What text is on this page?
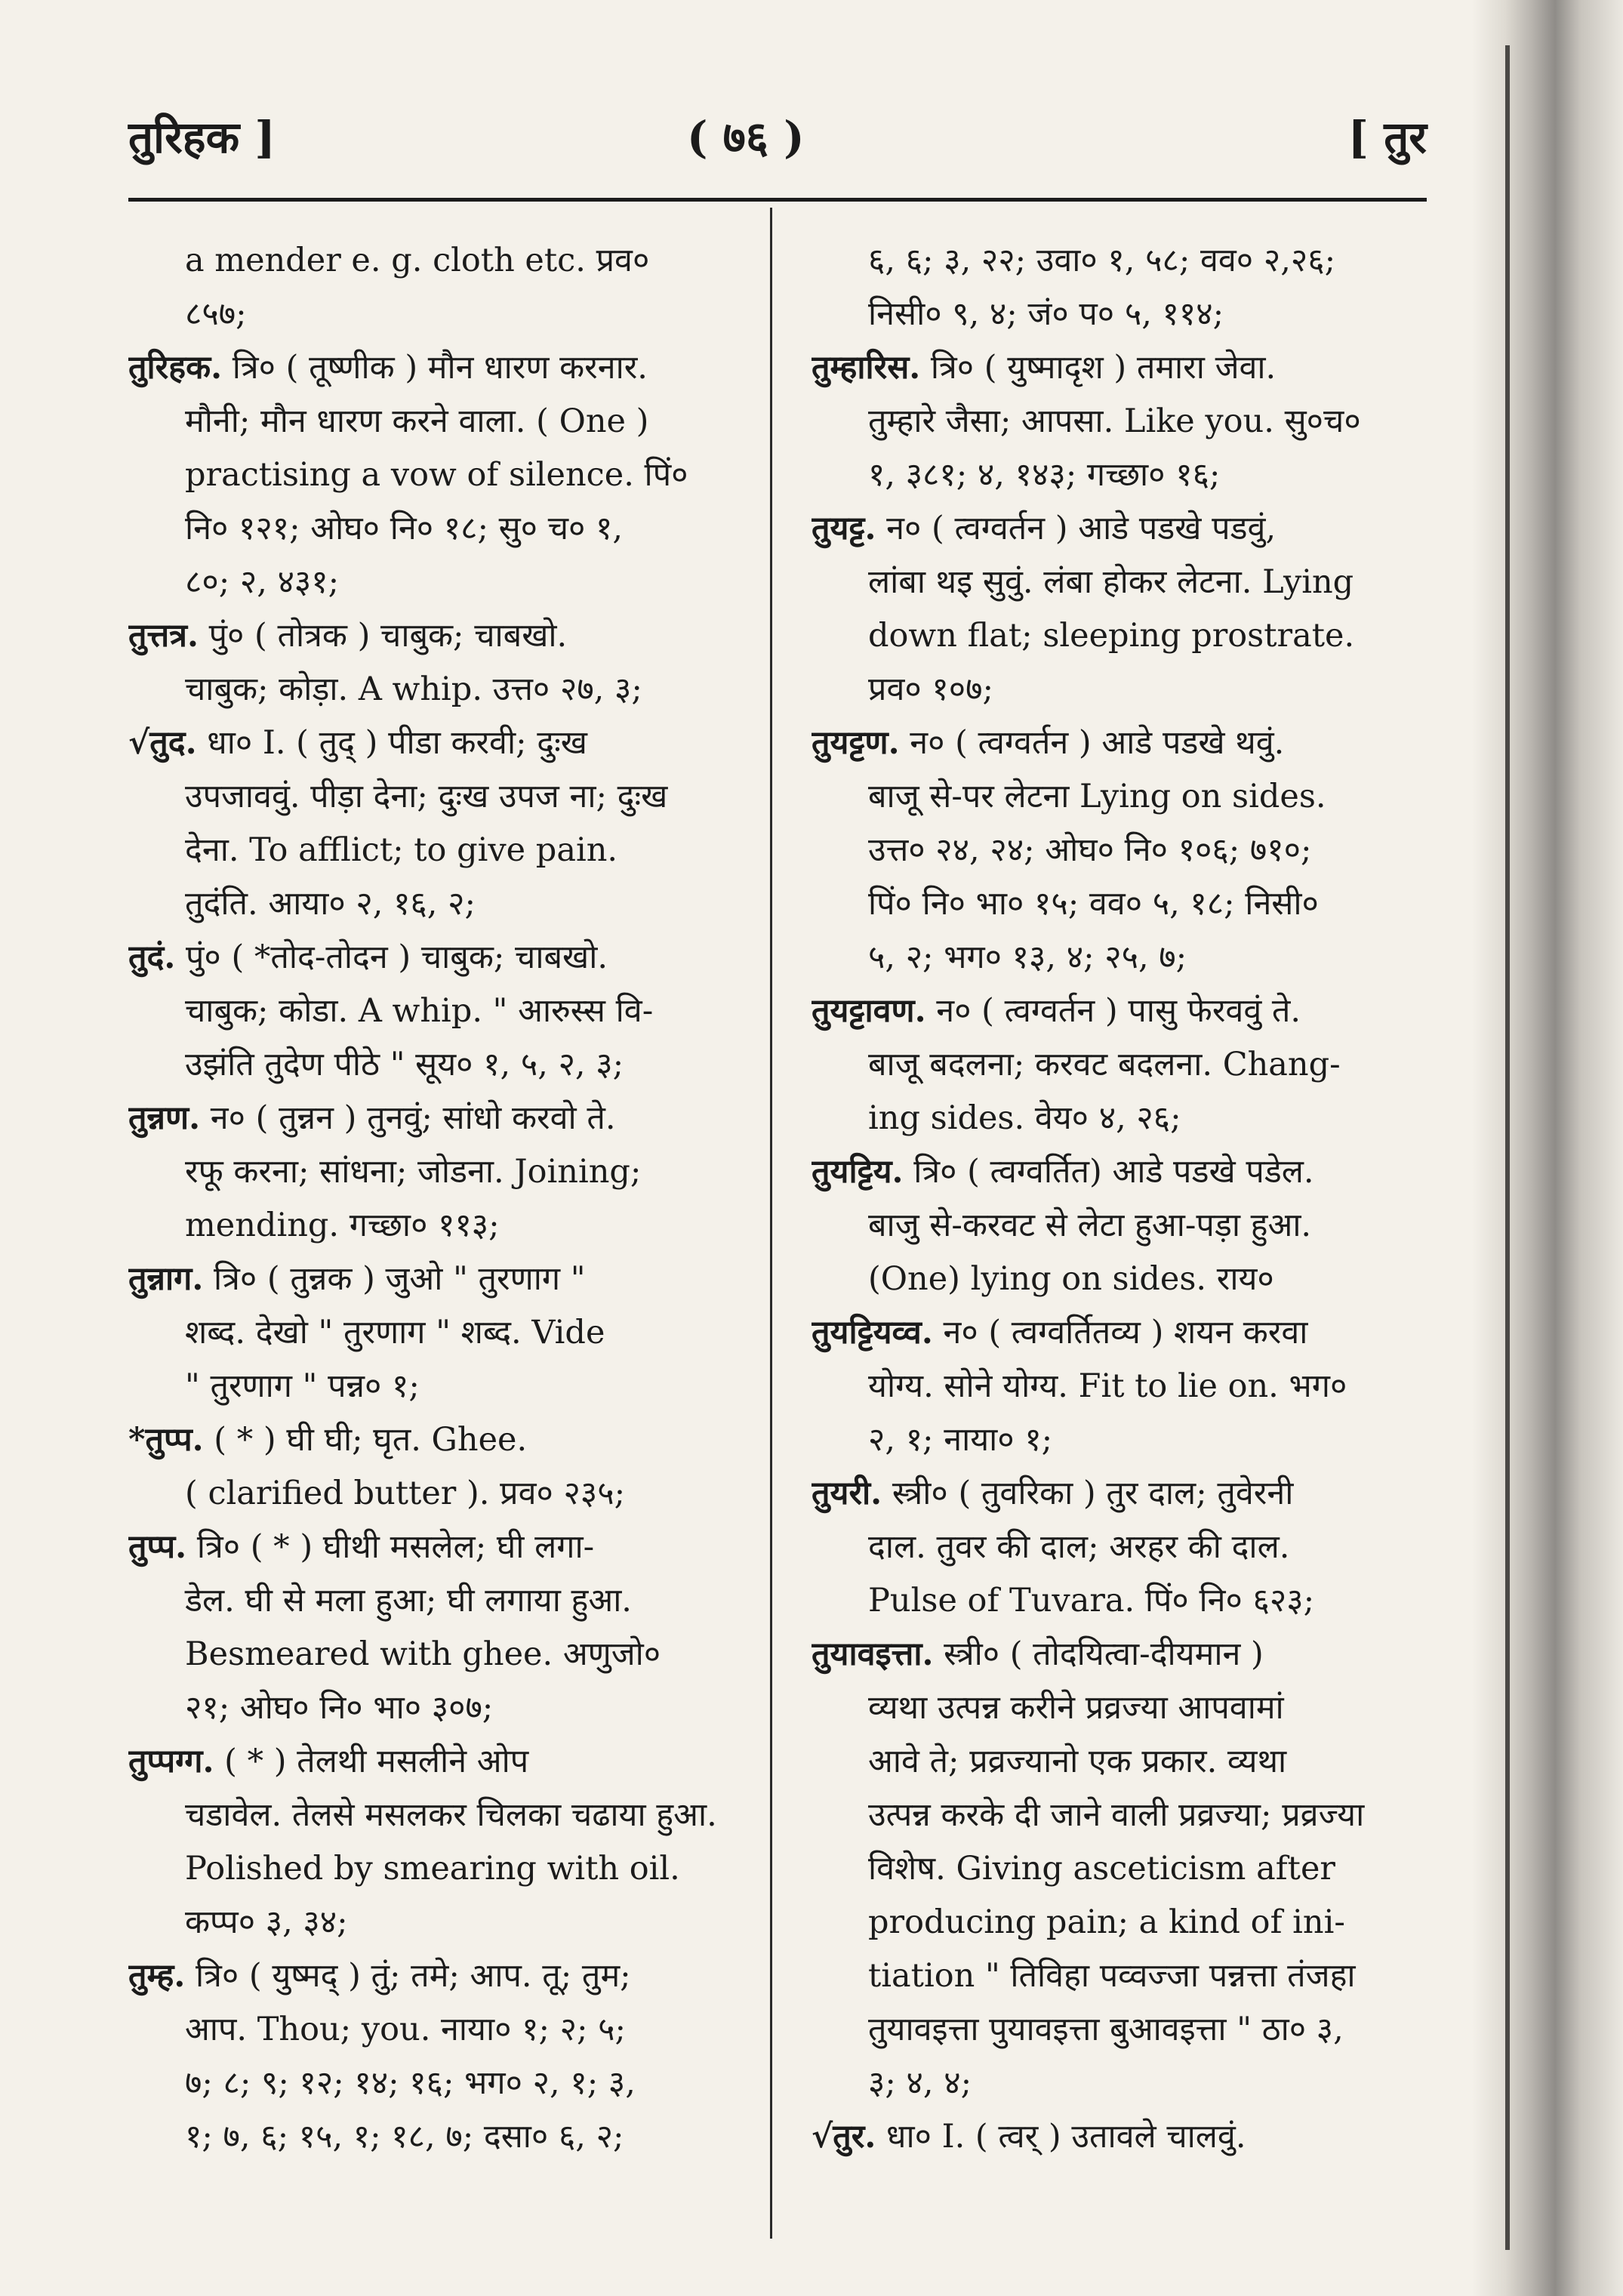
तुरिहक ]	( ७६ )	[ तुर
a mender e. g. cloth etc. प्रव०
८५७;
तुरिहक. त्रि० ( तूष्णीक ) मौन धारण करनार.
मौनी; मौन धारण करने वाला. ( One )
practising a vow of silence. पिं०
नि० १२१; ओघ० नि० १८; सु० च० १,
८०; २, ४३१;
तुत्तत्र. पुं० ( तोत्रक ) चाबुक; चाबखो.
चाबुक; कोड़ा. A whip. उत्त० २७, ३;
√तुद. धा० I. ( तुद् ) पीडा करवी; दुःख
उपजाववुं. पीड़ा देना; दुःख उपज ना; दुःख
देना. To afflict; to give pain.
तुदंति. आया० २, १६, २;
तुदं. पुं० ( *तोद-तोदन ) चाबुक; चाबखो.
चाबुक; कोडा. A whip. " आरुस्स वि-
उझंति तुदेण पीठे " सूय० १, ५, २, ३;
तुन्नण. न० ( तुन्नन ) तुनवुं; सांधो करवो ते.
रफू करना; सांधना; जोडना. Joining;
mending. गच्छा० ११३;
तुन्नाग. त्रि० ( तुन्नक ) जुओ " तुरणाग "
शब्द. देखो " तुरणाग " शब्द. Vide
" तुरणाग " पन्न० १;
*तुप्प. ( * ) घी घी; घृत. Ghee.
( clarified butter ). प्रव० २३५;
तुप्प. त्रि० ( * ) घीथी मसलेल; घी लगा-
डेल. घी से मला हुआ; घी लगाया हुआ.
Besmeared with ghee. अणुजो०
२१; ओघ० नि० भा० ३०७;
तुप्पग्ग. ( * ) तेलथी मसलीने ओप
चडावेल. तेलसे मसलकर चिलका चढाया हुआ.
Polished by smearing with oil.
कप्प० ३, ३४;
तुम्ह. त्रि० ( युष्मद् ) तुं; तमे; आप. तू; तुम;
आप. Thou; you. नाया० १; २; ५;
७; ८; ९; १२; १४; १६; भग० २, १; ३,
१; ७, ६; १५, १; १८, ७; दसा० ६, २;
६, ६; ३, २२; उवा० १, ५८; वव० २,२६;
निसी० ९, ४; जं० प० ५, ११४;
तुम्हारिस. त्रि० ( युष्मादृश ) तमारा जेवा.
तुम्हारे जैसा; आपसा. Like you. सु०च०
१, ३८१; ४, १४३; गच्छा० १६;
तुयट्ट. न० ( त्वग्वर्तन ) आडे पडखे पडवुं,
लांबा थइ सुवुं. लंबा होकर लेटना. Lying
down flat; sleeping prostrate.
प्रव० १०७;
तुयट्टण. न० ( त्वग्वर्तन ) आडे पडखे थवुं.
बाजू से-पर लेटना Lying on sides.
उत्त० २४, २४; ओघ० नि० १०६; ७१०;
पिं० नि० भा० १५; वव० ५, १८; निसी०
५, २; भग० १३, ४; २५, ७;
तुयट्टावण. न० ( त्वग्वर्तन ) पासु फेरववुं ते.
बाजू बदलना; करवट बदलना. Chang-
ing sides. वेय० ४, २६;
तुयट्टिय. त्रि० ( त्वग्वर्तित) आडे पडखे पडेल.
बाजु से-करवट से लेटा हुआ-पड़ा हुआ.
(One) lying on sides. राय०
तुयट्टियव्व. न० ( त्वग्वर्तितव्य ) शयन करवा
योग्य. सोने योग्य. Fit to lie on. भग०
२, १; नाया० १;
तुयरी. स्त्री० ( तुवरिका ) तुर दाल; तुवेरनी
दाल. तुवर की दाल; अरहर की दाल.
Pulse of Tuvara. पिं० नि० ६२३;
तुयावइत्ता. स्त्री० ( तोदयित्वा-दीयमान )
व्यथा उत्पन्न करीने प्रव्रज्या आपवामां
आवे ते; प्रव्रज्यानो एक प्रकार. व्यथा
उत्पन्न करके दी जाने वाली प्रव्रज्या; प्रव्रज्या
विशेष. Giving asceticism after
producing pain; a kind of ini-
tiation " तिविहा पव्वज्जा पन्नत्ता तंजहा
तुयावइत्ता पुयावइत्ता बुआवइत्ता " ठा० ३,
३; ४, ४;
√तुर. धा० I. ( त्वर् ) उतावले चालवुं.
